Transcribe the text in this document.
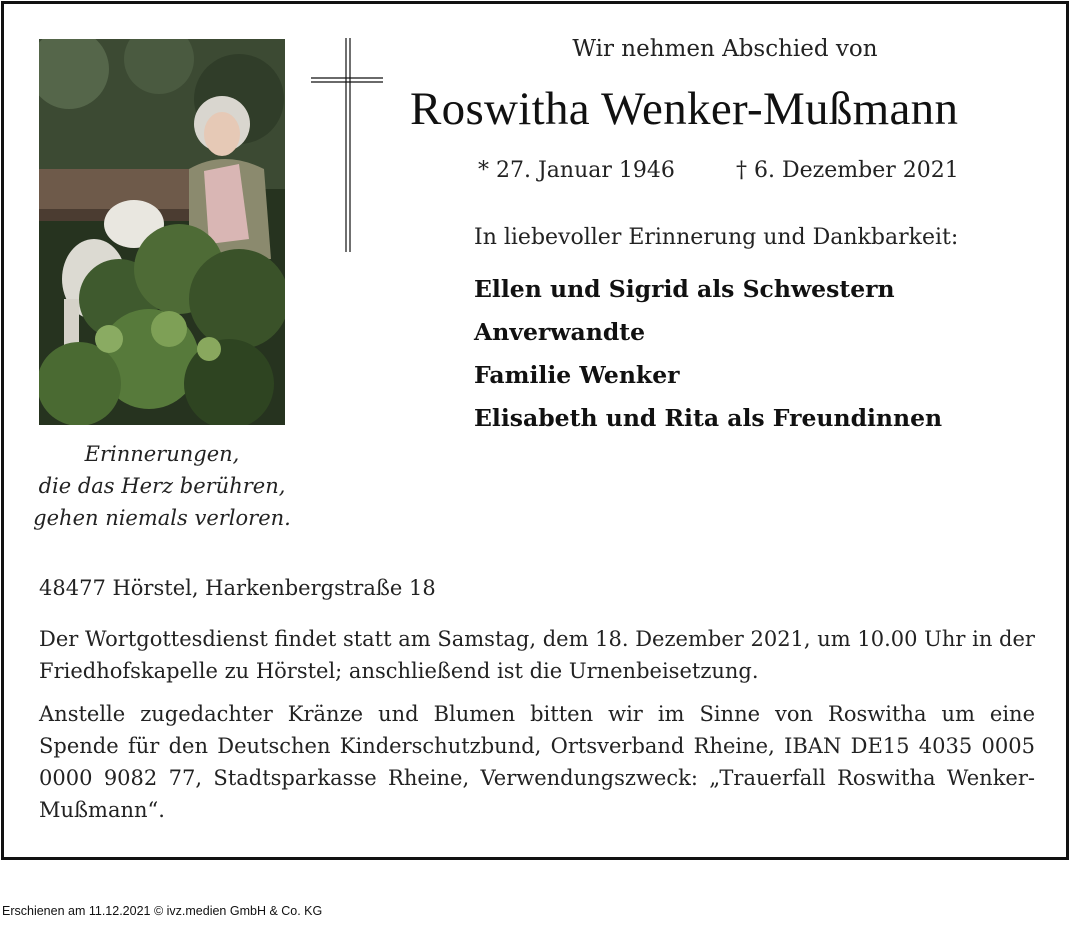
Erinnerungen,
die das Herz berühren,
gehen niemals verloren.
Wir nehmen Abschied von
Roswitha Wenker-Mußmann
* 27. Januar 1946	† 6. Dezember 2021
In liebevoller Erinnerung und Dankbarkeit:
Ellen und Sigrid als Schwestern
Anverwandte
Familie Wenker
Elisabeth und Rita als Freundinnen
48477 Hörstel, Harkenbergstraße 18
Der Wortgottesdienst findet statt am Samstag, dem 18. Dezember 2021, um 10.00 Uhr in der Friedhofskapelle zu Hörstel; anschließend ist die Urnenbeisetzung.
Anstelle zugedachter Kränze und Blumen bitten wir im Sinne von Roswitha um eine Spende für den Deutschen Kinderschutzbund, Ortsverband Rheine, IBAN DE15 4035 0005 0000 9082 77, Stadtsparkasse Rheine, Verwendungszweck: „Trauerfall Roswitha Wenker-Mußmann“.
Erschienen am 11.12.2021 © ivz.medien GmbH & Co. KG
